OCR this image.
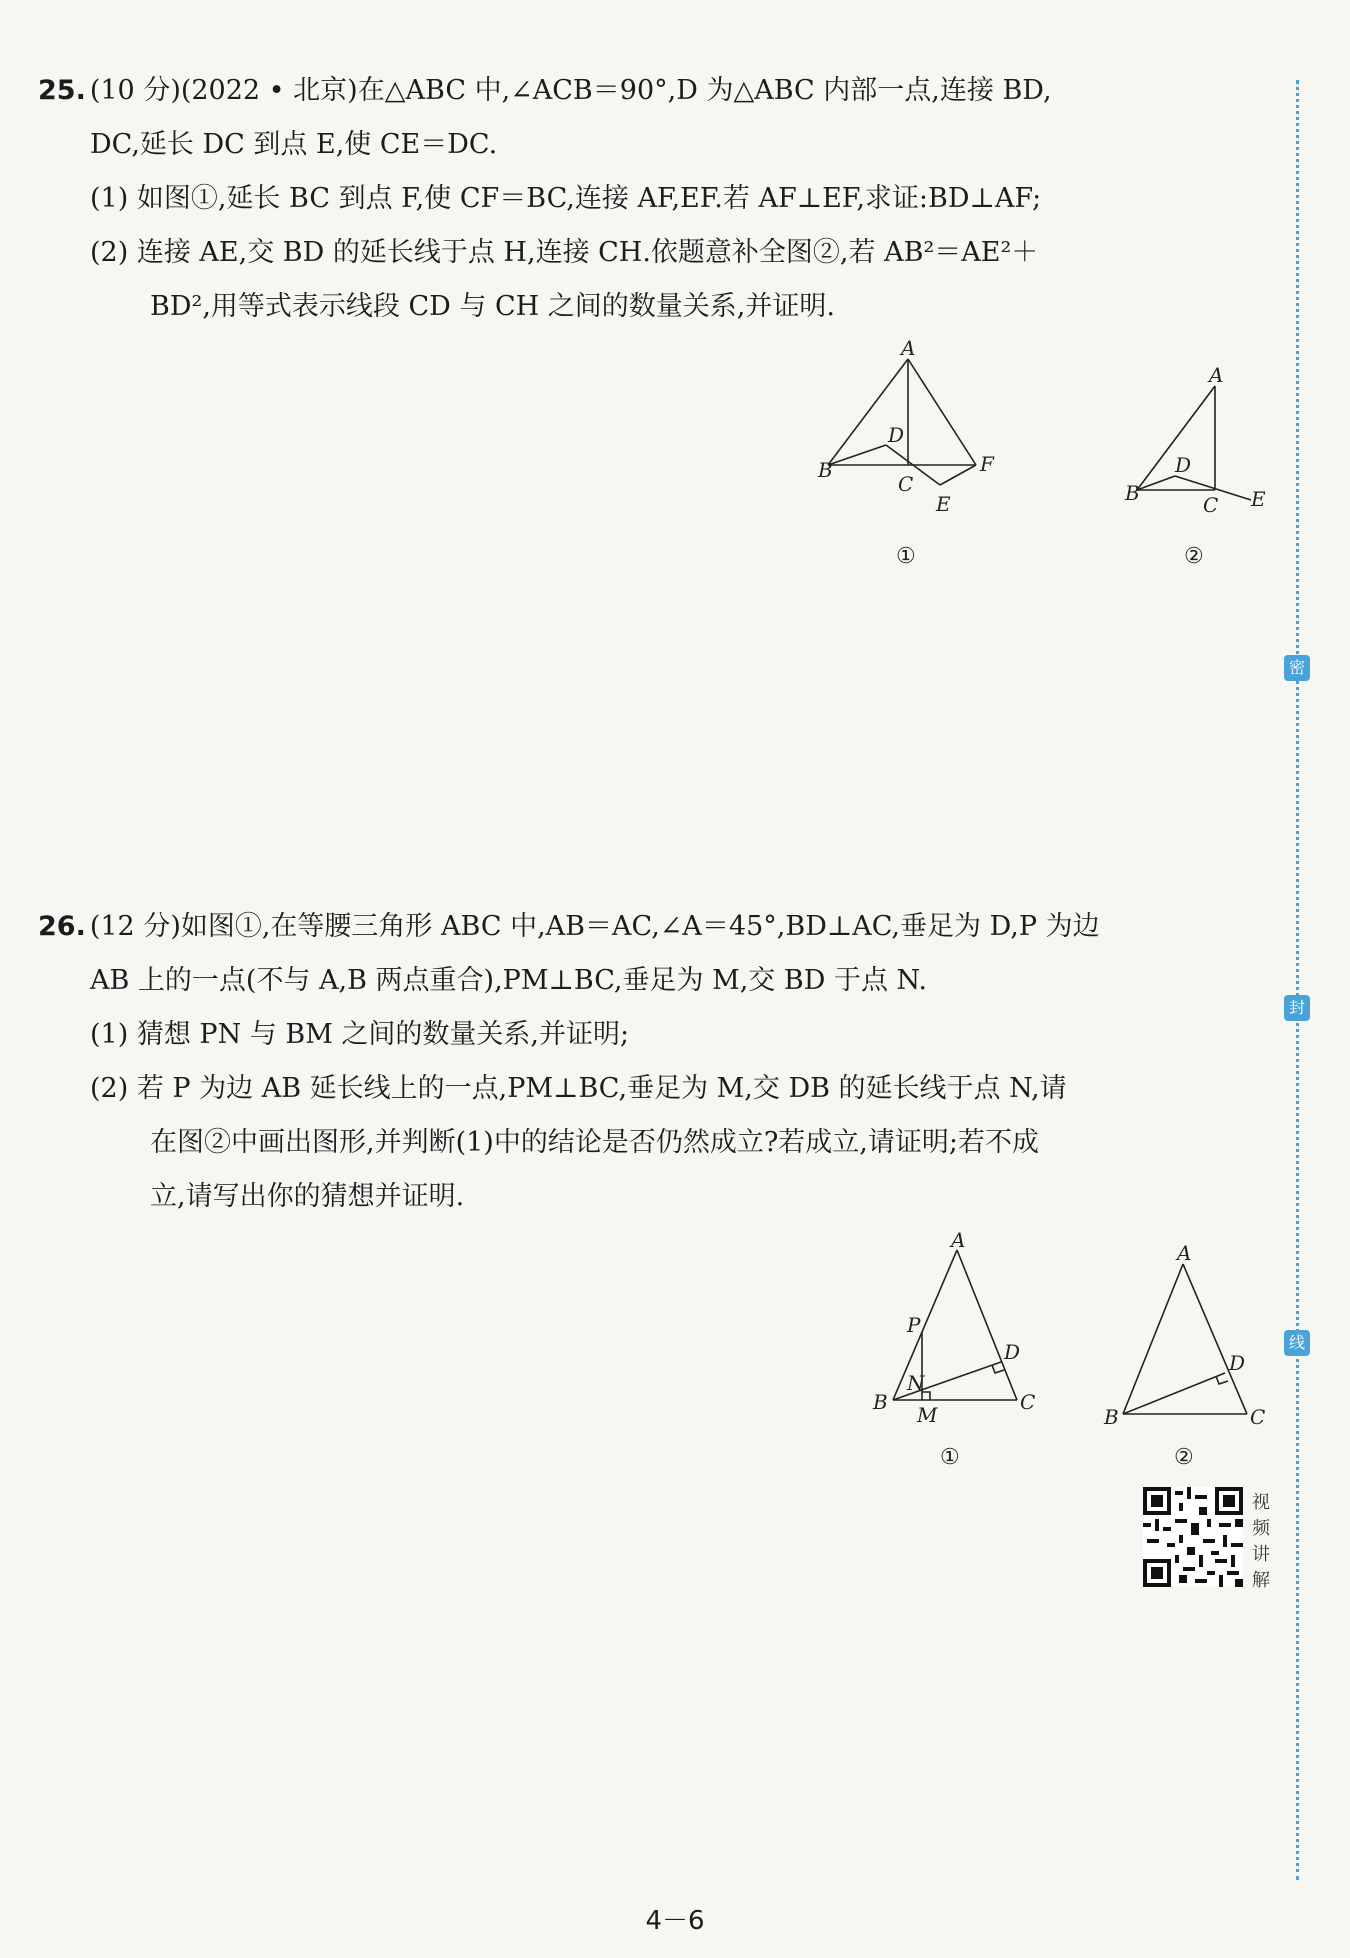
25. (10 分)(2022 • 北京)在△ABC 中,∠ACB＝90°,D 为△ABC 内部一点,连接 BD,
DC,延长 DC 到点 E,使 CE＝DC.
(1) 如图①,延长 BC 到点 F,使 CF＝BC,连接 AF,EF.若 AF⊥EF,求证:BD⊥AF;
(2) 连接 AE,交 BD 的延长线于点 H,连接 CH.依题意补全图②,若 AB²＝AE²＋
BD²,用等式表示线段 CD 与 CH 之间的数量关系,并证明.
A
B
C
D
E
F
①
A
B	C
D
E
②
26. (12 分)如图①,在等腰三角形 ABC 中,AB＝AC,∠A＝45°,BD⊥AC,垂足为 D,P 为边
AB 上的一点(不与 A,B 两点重合),PM⊥BC,垂足为 M,交 BD 于点 N.
(1) 猜想 PN 与 BM 之间的数量关系,并证明;
(2) 若 P 为边 AB 延长线上的一点,PM⊥BC,垂足为 M,交 DB 的延长线于点 N,请
在图②中画出图形,并判断(1)中的结论是否仍然成立?若成立,请证明;若不成
立,请写出你的猜想并证明.
A
P
N
D
B
M
C
①
A
D
B	C
②
视
频
讲
解
密
封
线
4－6
